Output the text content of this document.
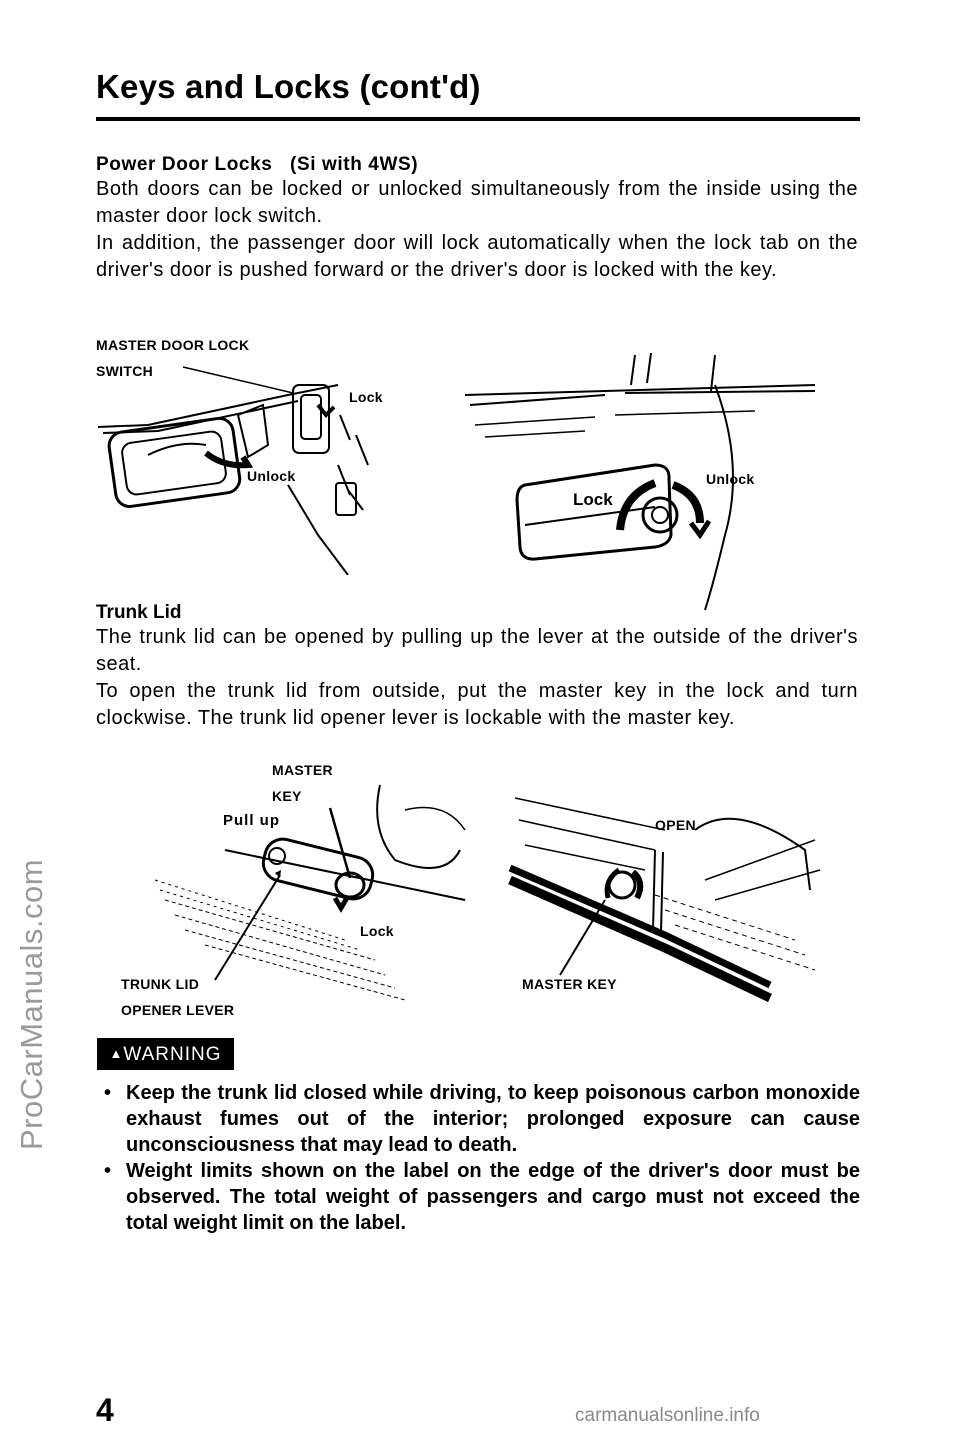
ProCarManuals.com
Keys and Locks (cont'd)
Power Door Locks   (Si with 4WS)

Both doors can be locked or unlocked simultaneously from the inside using the master door lock switch.

In addition, the passenger door will lock automatically when the lock tab on the driver's door is pushed forward or the driver's door is locked with the key.

MASTER DOOR LOCK
SWITCH
Lock
Unlock
Lock
Unlock
Trunk Lid

The trunk lid can be opened by pulling up the lever at the outside of the driver's seat.

To open the trunk lid from outside, put the master key in the lock and turn clockwise. The trunk lid opener lever is lockable with the master key.

MASTER
KEY
Pull up
Lock
TRUNK LID
OPENER LEVER
OPEN
MASTER KEY
▲WARNING
• Keep the trunk lid closed while driving, to keep poisonous carbon monoxide exhaust fumes out of the interior; prolonged exposure can cause unconsciousness that may lead to death.
• Weight limits shown on the label on the edge of the driver's door must be observed. The total weight of passengers and cargo must not exceed the total weight limit on the label.
4	carmanualsonline.info
